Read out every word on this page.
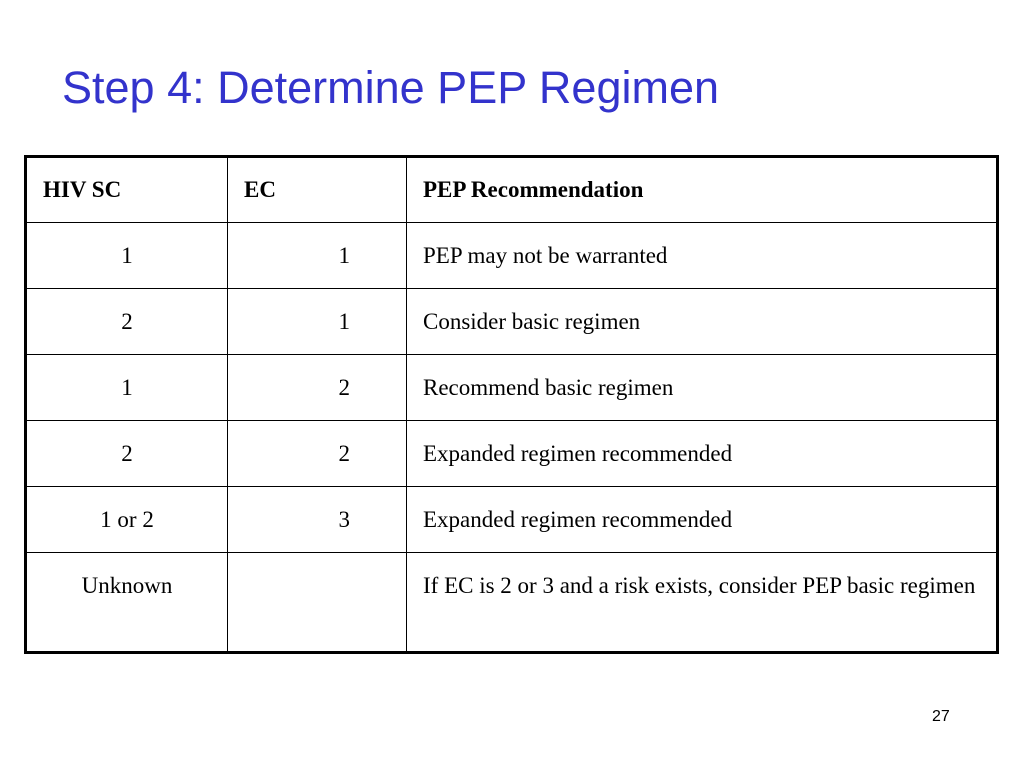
Step 4: Determine PEP Regimen
HIV SC	EC	PEP Recommendation
1	1	PEP may not be warranted
2	1	Consider basic regimen
1	2	Recommend basic regimen
2	2	Expanded regimen recommended
1 or 2	3	Expanded regimen recommended
Unknown		If EC is 2 or 3 and a risk exists, consider PEP basic regimen

27
